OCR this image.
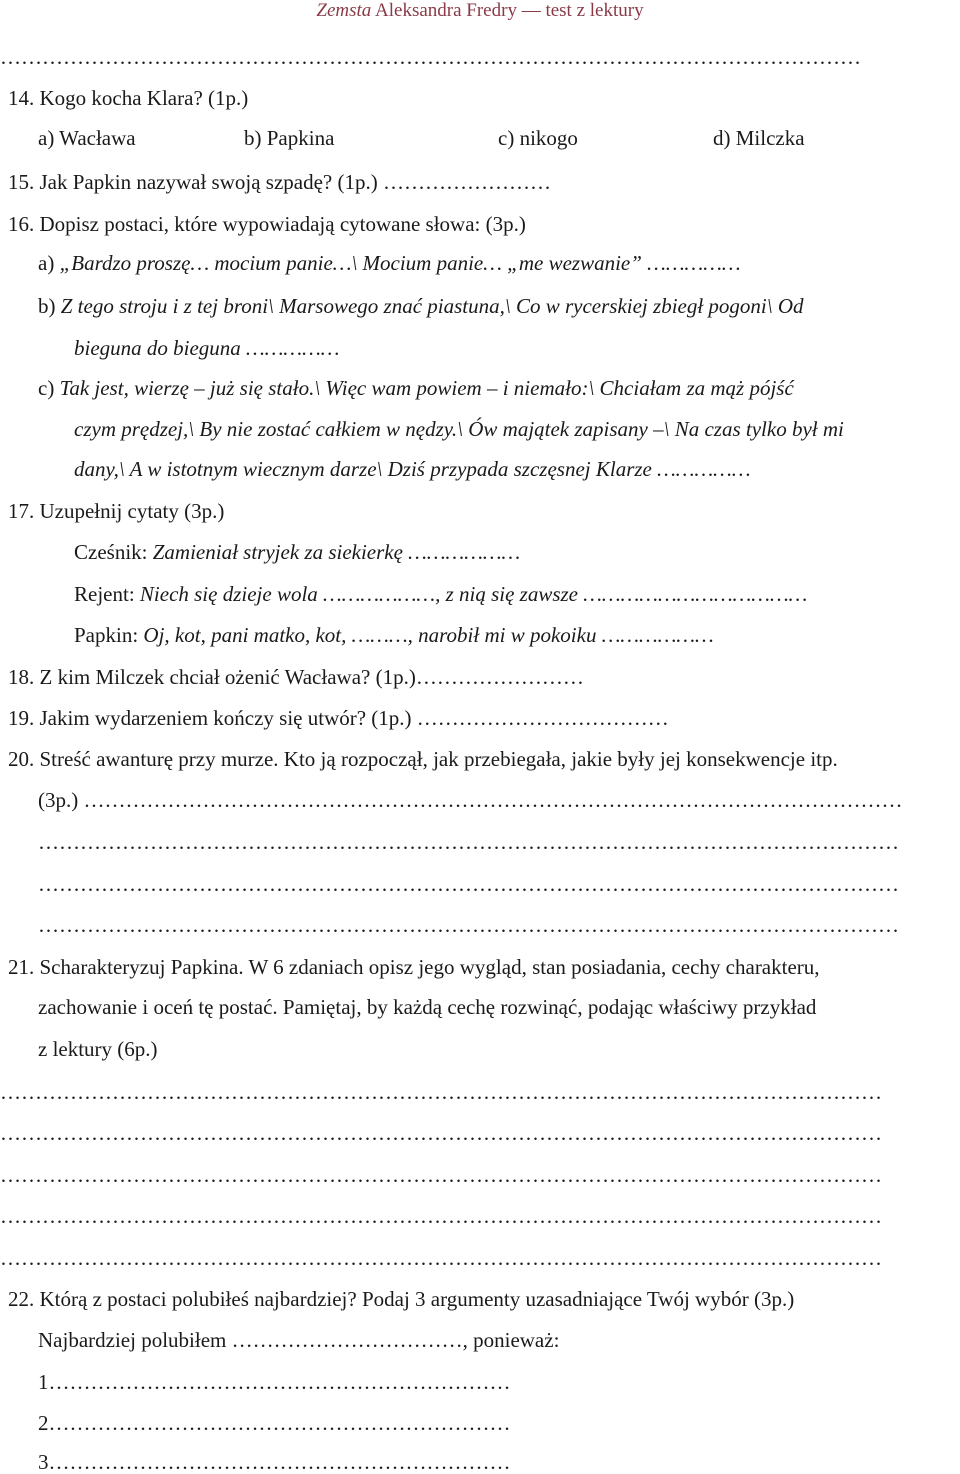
Zemsta Aleksandra Fredry — test z lektury
……………………………………………………………………………………………………………
14. Kogo kocha Klara? (1p.)
a) Wacława	b) Papkina	c) nikogo	d) Milczka
15. Jak Papkin nazywał swoją szpadę? (1p.) ……………………
16. Dopisz postaci, które wypowiadają cytowane słowa: (3p.)
a) „Bardzo proszę… mocium panie…\ Mocium panie… „me wezwanie” ……………
b) Z tego stroju i z tej broni\ Marsowego znać piastuna,\ Co w rycerskiej zbiegł pogoni\ Od
bieguna do bieguna ……………
c) Tak jest, wierzę – już się stało.\ Więc wam powiem – i niemało:\ Chciałam za mąż pójść
czym prędzej,\ By nie zostać całkiem w nędzy.\ Ów majątek zapisany –\ Na czas tylko był mi
dany,\ A w istotnym wiecznym darze\ Dziś przypada szczęsnej Klarze ……………
17. Uzupełnij cytaty (3p.)
Cześnik: Zamieniał stryjek za siekierkę ………………
Rejent: Niech się dzieje wola ………………, z nią się zawsze ………………………………
Papkin: Oj, kot, pani matko, kot, ………, narobił mi w pokoiku ………………
18. Z kim Milczek chciał ożenić Wacława? (1p.)……………………
19. Jakim wydarzeniem kończy się utwór? (1p.) ………………………………
20. Streść awanturę przy murze. Kto ją rozpoczął, jak przebiegała, jakie były jej konsekwencje itp.
(3p.) ………………………………………………………………………………………………………
……………………………………………………………………………………………………………
……………………………………………………………………………………………………………
……………………………………………………………………………………………………………
21. Scharakteryzuj Papkina. W 6 zdaniach opisz jego wygląd, stan posiadania, cechy charakteru,
zachowanie i oceń tę postać. Pamiętaj, by każdą cechę rozwinąć, podając właściwy przykład
z lektury (6p.)
………………………………………………………………………………………………………………
………………………………………………………………………………………………………………
………………………………………………………………………………………………………………
………………………………………………………………………………………………………………
………………………………………………………………………………………………………………
22. Którą z postaci polubiłeś najbardziej? Podaj 3 argumenty uzasadniające Twój wybór (3p.)
Najbardziej polubiłem ……………………………, ponieważ:
1…………………………………………………………
2…………………………………………………………
3…………………………………………………………
